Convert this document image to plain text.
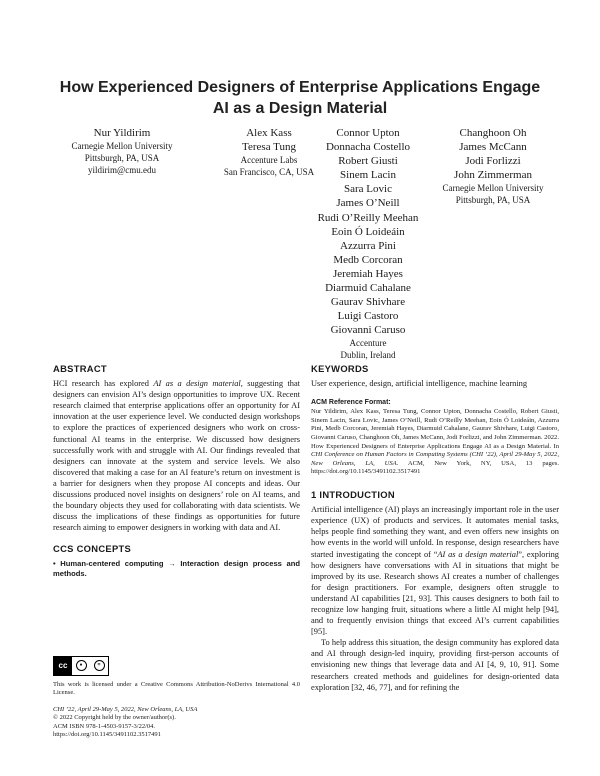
How Experienced Designers of Enterprise Applications Engage
AI as a Design Material
Nur Yildirim
Carnegie Mellon University
Pittsburgh, PA, USA
yildirim@cmu.edu
Alex Kass
Teresa Tung
Accenture Labs
San Francisco, CA, USA
Connor Upton
Donnacha Costello
Robert Giusti
Sinem Lacin
Sara Lovic
James O’Neill
Rudi O’Reilly Meehan
Eoin Ó Loideáin
Azzurra Pini
Medb Corcoran
Jeremiah Hayes
Diarmuid Cahalane
Gaurav Shivhare
Luigi Castoro
Giovanni Caruso
Accenture
Dublin, Ireland
Changhoon Oh
James McCann
Jodi Forlizzi
John Zimmerman
Carnegie Mellon University
Pittsburgh, PA, USA
ABSTRACT
HCI research has explored AI as a design material, suggesting that designers can envision AI’s design opportunities to improve UX. Recent research claimed that enterprise applications offer an opportunity for AI innovation at the user experience level. We conducted design workshops to explore the practices of experienced designers who work on cross-functional AI teams in the enterprise. We discussed how designers successfully work with and struggle with AI. Our findings revealed that designers can innovate at the system and service levels. We also discovered that making a case for an AI feature’s return on investment is a barrier for designers when they propose AI concepts and ideas. Our discussions produced novel insights on designers’ role on AI teams, and the boundary objects they used for collaborating with data scientists. We discuss the implications of these findings as opportunities for future research aiming to empower designers in working with data and AI.
CCS CONCEPTS
• Human-centered computing → Interaction design process and methods.
cc	●	=
This work is licensed under a Creative Commons Attribution-NoDerivs International 4.0 License.
CHI ’22, April 29-May 5, 2022, New Orleans, LA, USA
© 2022 Copyright held by the owner/author(s).
ACM ISBN 978-1-4503-9157-3/22/04.
https://doi.org/10.1145/3491102.3517491
KEYWORDS
User experience, design, artificial intelligence, machine learning
ACM Reference Format:
Nur Yildirim, Alex Kass, Teresa Tung, Connor Upton, Donnacha Costello, Robert Giusti, Sinem Lacin, Sara Lovic, James O’Neill, Rudi O’Reilly Meehan, Eoin Ó Loideáin, Azzurra Pini, Medb Corcoran, Jeremiah Hayes, Diarmuid Cahalane, Gaurav Shivhare, Luigi Castoro, Giovanni Caruso, Changhoon Oh, James McCann, Jodi Forlizzi, and John Zimmerman. 2022. How Experienced Designers of Enterprise Applications Engage AI as a Design Material. In CHI Conference on Human Factors in Computing Systems (CHI ’22), April 29-May 5, 2022, New Orleans, LA, USA. ACM, New York, NY, USA, 13 pages. https://doi.org/10.1145/3491102.3517491
1 INTRODUCTION
Artificial intelligence (AI) plays an increasingly important role in the user experience (UX) of products and services. It automates menial tasks, helps people find something they want, and even offers new insights on how events in the world will unfold. In response, design researchers have started investigating the concept of “AI as a design material”, exploring how designers have conversations with AI in situations that might be improved by its use. Research shows AI creates a number of challenges for design practitioners. For example, designers often struggle to understand AI capabilities [21, 93]. This causes designers to both fail to recognize low hanging fruit, situations where a little AI might help [94], and to frequently envision things that exceed AI’s current capabilities [95].
To help address this situation, the design community has explored data and AI through design-led inquiry, providing first-person accounts of envisioning new things that leverage data and AI [4, 9, 10, 91]. Some researchers created methods and guidelines for design-oriented data exploration [32, 46, 77], and for refining the
